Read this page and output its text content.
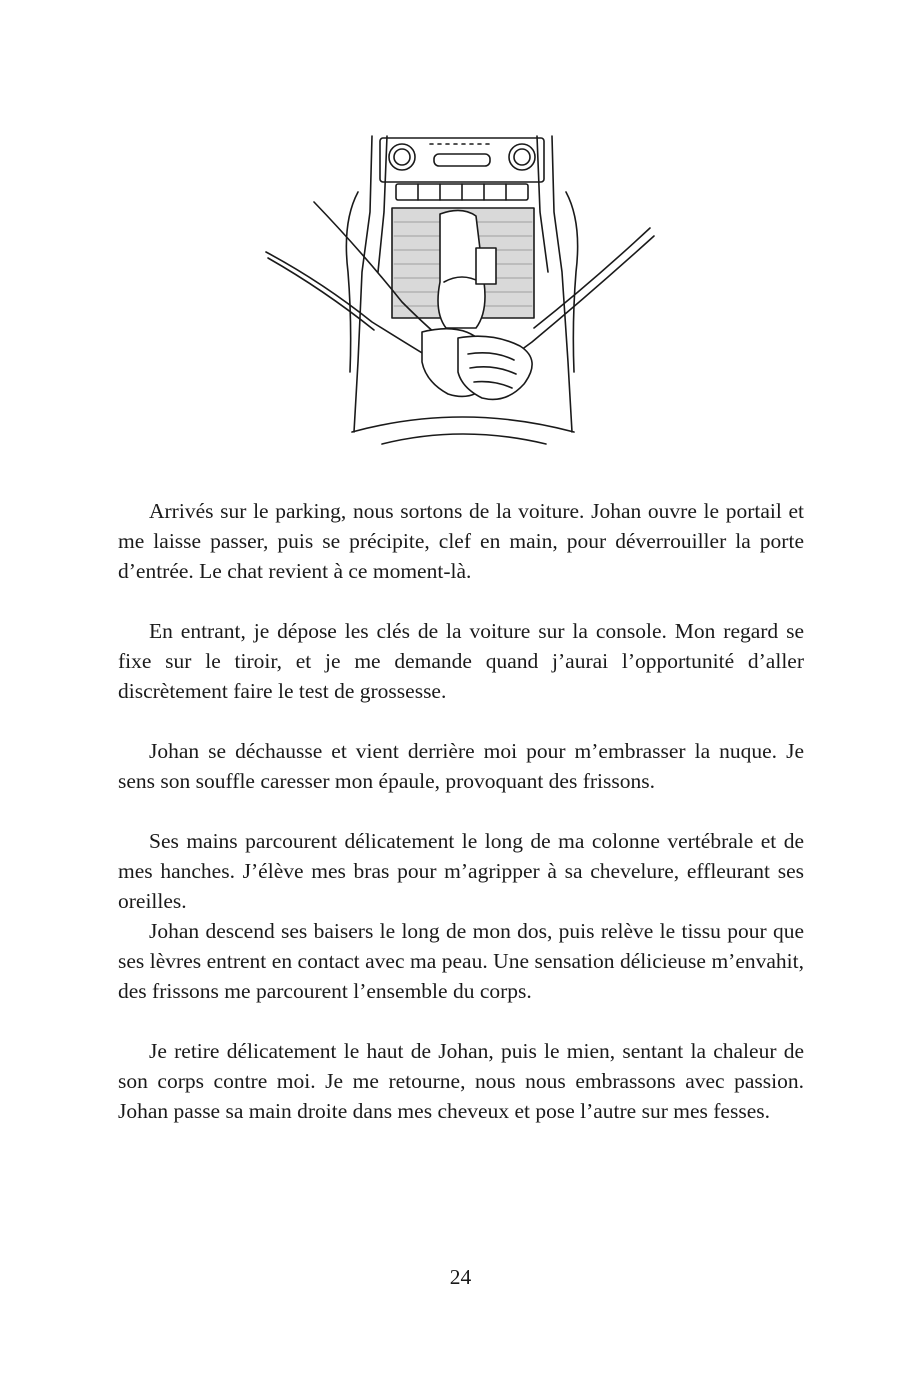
Arrivés sur le parking, nous sortons de la voiture. Johan ouvre le portail et me laisse passer, puis se précipite, clef en main, pour déverrouiller la porte d’entrée. Le chat revient à ce moment-là.

En entrant, je dépose les clés de la voiture sur la console. Mon regard se fixe sur le tiroir, et je me demande quand j’aurai l’opportunité d’aller discrètement faire le test de grossesse.

Johan se déchausse et vient derrière moi pour m’embrasser la nuque. Je sens son souffle caresser mon épaule, provoquant des frissons.

Ses mains parcourent délicatement le long de ma colonne vertébrale et de mes hanches. J’élève mes bras pour m’agripper à sa chevelure, effleurant ses oreilles.

Johan descend ses baisers le long de mon dos, puis relève le tissu pour que ses lèvres entrent en contact avec ma peau. Une sensation délicieuse m’envahit, des frissons me parcourent l’ensemble du corps.

Je retire délicatement le haut de Johan, puis le mien, sentant la chaleur de son corps contre moi. Je me retourne, nous nous embrassons avec passion. Johan passe sa main droite dans mes cheveux et pose l’autre sur mes fesses.

24
